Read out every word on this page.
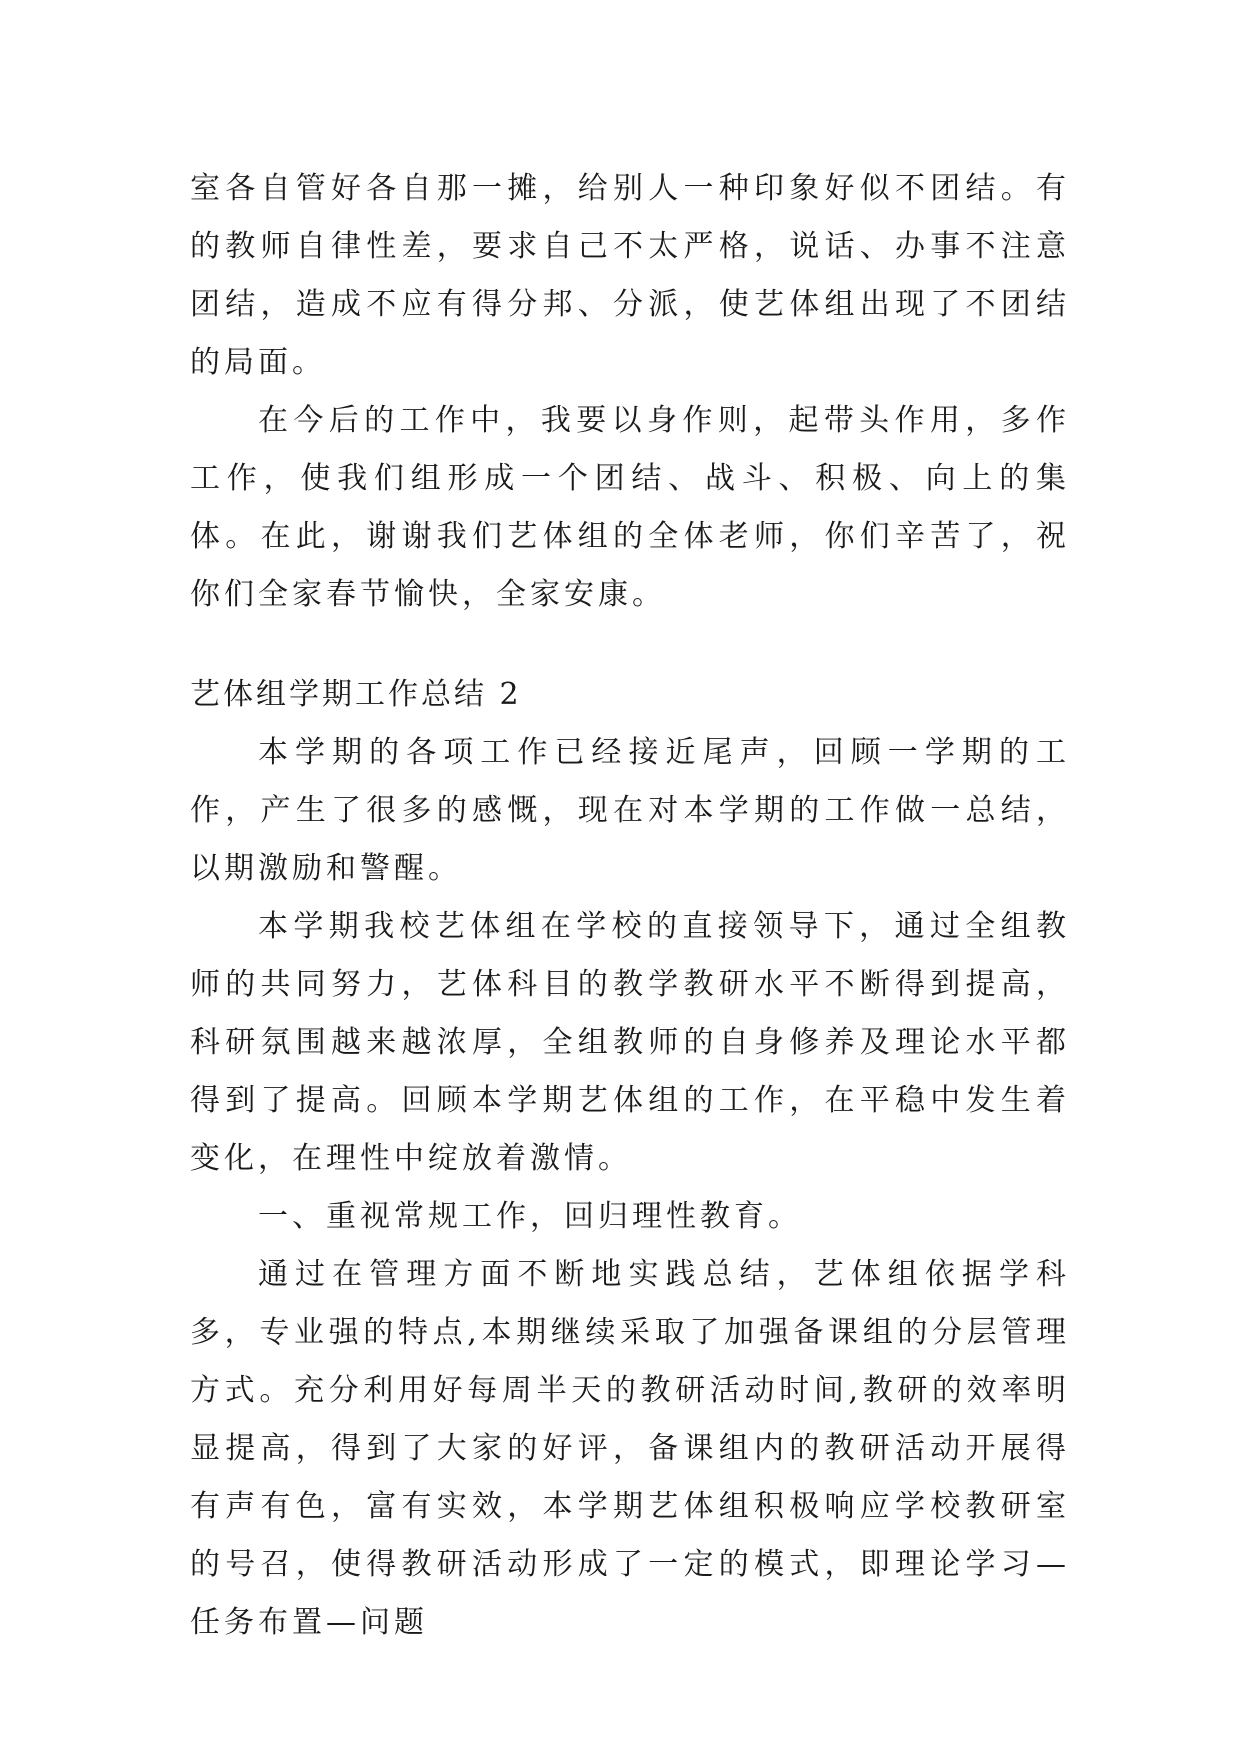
室各自管好各自那一摊，给别人一种印象好似不团结。有的教师自律性差，要求自己不太严格，说话、办事不注意团结，造成不应有得分邦、分派，使艺体组出现了不团结的局面。

在今后的工作中，我要以身作则，起带头作用，多作工作，使我们组形成一个团结、战斗、积极、向上的集体。在此，谢谢我们艺体组的全体老师，你们辛苦了，祝你们全家春节愉快，全家安康。

艺体组学期工作总结 2

本学期的各项工作已经接近尾声，回顾一学期的工作，产生了很多的感慨，现在对本学期的工作做一总结，以期激励和警醒。

本学期我校艺体组在学校的直接领导下，通过全组教师的共同努力，艺体科目的教学教研水平不断得到提高，科研氛围越来越浓厚，全组教师的自身修养及理论水平都得到了提高。回顾本学期艺体组的工作，在平稳中发生着变化，在理性中绽放着激情。

一、重视常规工作，回归理性教育。

通过在管理方面不断地实践总结，艺体组依据学科多，专业强的特点,本期继续采取了加强备课组的分层管理方式。充分利用好每周半天的教研活动时间,教研的效率明显提高，得到了大家的好评，备课组内的教研活动开展得有声有色，富有实效，本学期艺体组积极响应学校教研室的号召，使得教研活动形成了一定的模式，即理论学习—任务布置—问题
